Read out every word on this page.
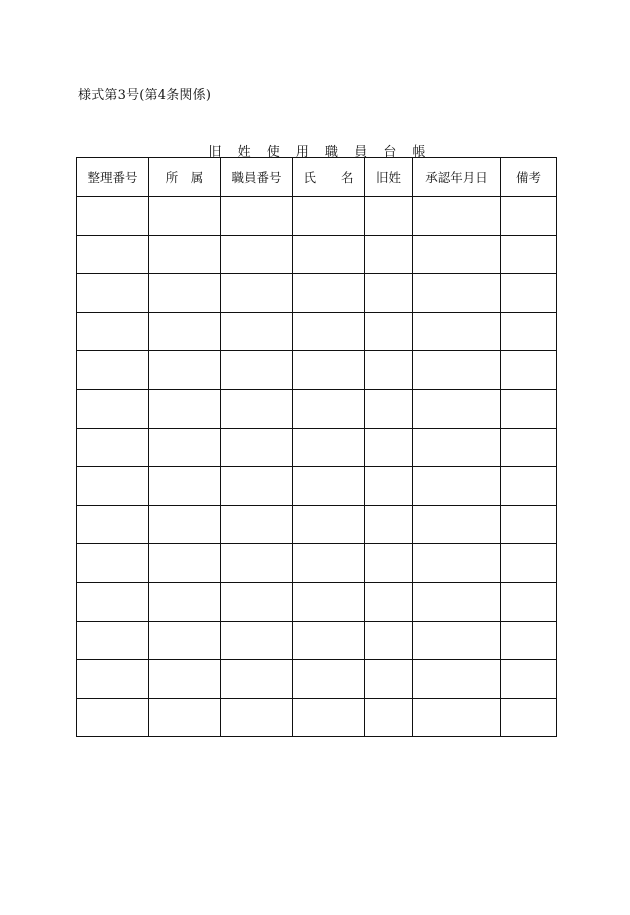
様式第3号(第4条関係)
旧 姓 使 用 職 員 台 帳
整理番号	所　属	職員番号	氏　　名	旧姓	承認年月日	備考
